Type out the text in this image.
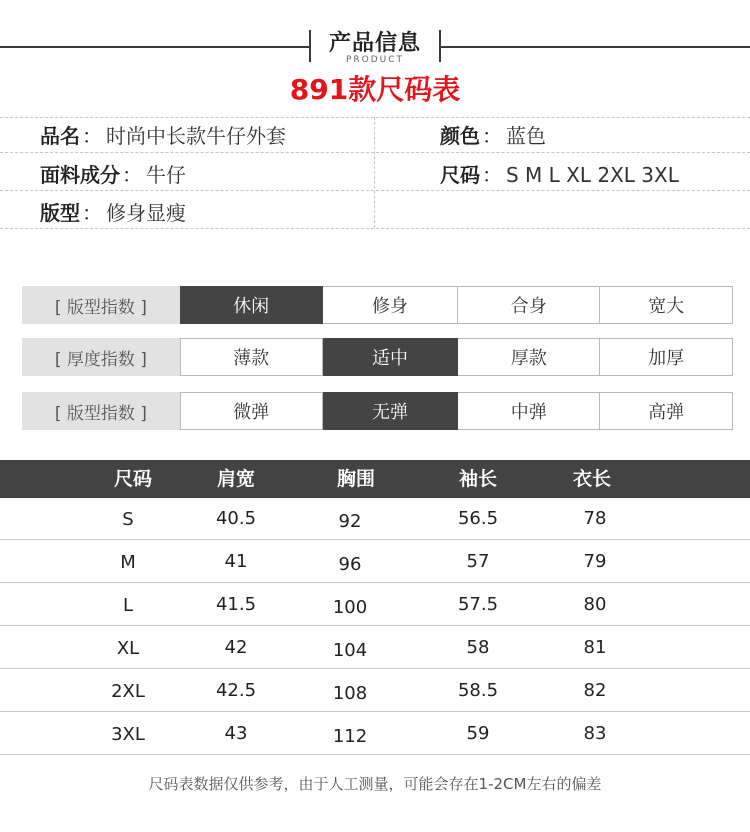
产品信息
PRODUCT
891款尺码表
品名 ： 时尚中长款牛仔外套	颜色 ： 蓝色
面料成分 ： 牛仔	尺码 ： S M L XL 2XL 3XL
版型 ： 修身显瘦
[ 版型指数 ]	休闲	修身	合身	宽大
[ 厚度指数 ]	薄款	适中	厚款	加厚
[ 版型指数 ]	微弹	无弹	中弹	高弹
尺码	肩宽	胸围	袖长	衣长
S	40.5	92	56.5	78
M	41	96	57	79
L	41.5	100	57.5	80
XL	42	104	58	81
2XL	42.5	108	58.5	82
3XL	43	112	59	83
尺码表数据仅供参考，由于人工测量，可能会存在1-2CM左右的偏差
